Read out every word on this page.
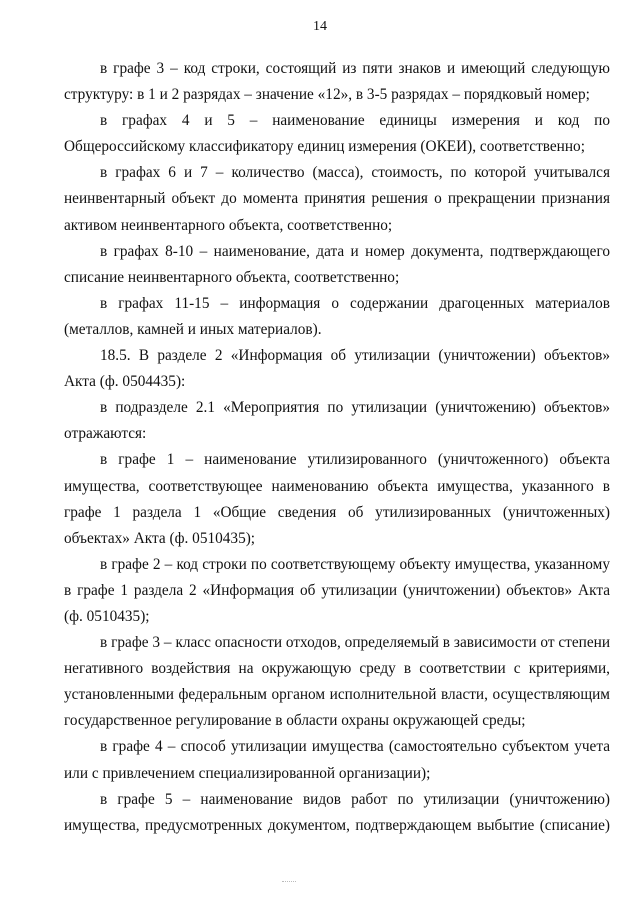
14

в графе 3 – код строки, состоящий из пяти знаков и имеющий следующую структуру: в 1 и 2 разрядах – значение «12», в 3-5 разрядах – порядковый номер;

в графах 4 и 5 – наименование единицы измерения и код по Общероссийскому классификатору единиц измерения (ОКЕИ), соответственно;

в графах 6 и 7 – количество (масса), стоимость, по которой учитывался неинвентарный объект до момента принятия решения о прекращении признания активом неинвентарного объекта, соответственно;

в графах 8-10 – наименование, дата и номер документа, подтверждающего списание неинвентарного объекта, соответственно;

в графах 11-15 – информация о содержании драгоценных материалов (металлов, камней и иных материалов).

18.5. В разделе 2 «Информация об утилизации (уничтожении) объектов» Акта (ф. 0504435):

в подразделе 2.1 «Мероприятия по утилизации (уничтожению) объектов» отражаются:

в графе 1 – наименование утилизированного (уничтоженного) объекта имущества, соответствующее наименованию объекта имущества, указанного в графе 1 раздела 1 «Общие сведения об утилизированных (уничтоженных) объектах» Акта (ф. 0510435);

в графе 2 – код строки по соответствующему объекту имущества, указанному в графе 1 раздела 2 «Информация об утилизации (уничтожении) объектов» Акта (ф. 0510435);

в графе 3 – класс опасности отходов, определяемый в зависимости от степени негативного воздействия на окружающую среду в соответствии с критериями, установленными федеральным органом исполнительной власти, осуществляющим государственное регулирование в области охраны окружающей среды;

в графе 4 – способ утилизации имущества (самостоятельно субъектом учета или с привлечением специализированной организации);

в графе 5 – наименование видов работ по утилизации (уничтожению) имущества, предусмотренных документом, подтверждающем выбытие (списание)
